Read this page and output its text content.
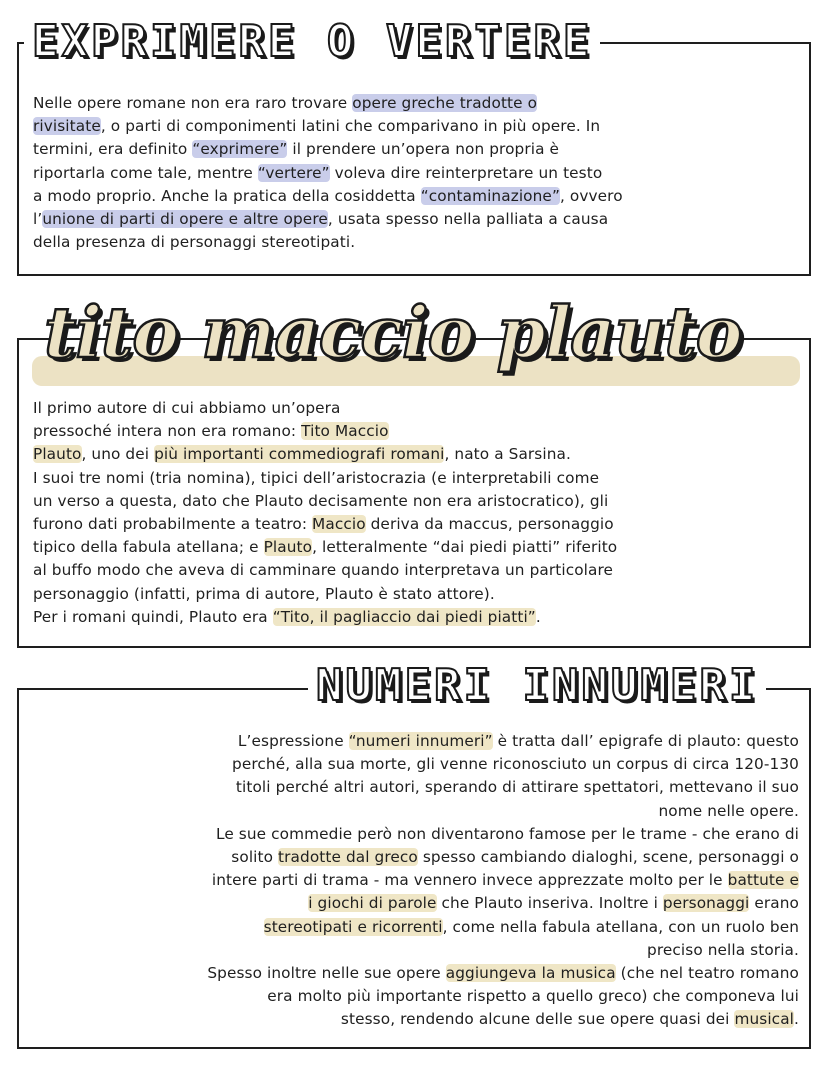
EXPRIMERE O VERTERE
Nelle opere romane non era raro trovare opere greche tradotte o
rivisitate, o parti di componimenti latini che comparivano in più opere. In
termini, era definito “exprimere” il prendere un’opera non propria è
riportarla come tale, mentre “vertere” voleva dire reinterpretare un testo
a modo proprio. Anche la pratica della cosiddetta “contaminazione”, ovvero
l’unione di parti di opere e altre opere, usata spesso nella palliata a causa
della presenza di personaggi stereotipati.
tito maccio plauto
Il primo autore di cui abbiamo un’opera
pressoché intera non era romano: Tito Maccio
Plauto, uno dei più importanti commediografi romani, nato a Sarsina.
I suoi tre nomi (tria nomina), tipici dell’aristocrazia (e interpretabili come
un verso a questa, dato che Plauto decisamente non era aristocratico), gli
furono dati probabilmente a teatro: Maccio deriva da maccus, personaggio
tipico della fabula atellana; e Plauto, letteralmente “dai piedi piatti” riferito
al buffo modo che aveva di camminare quando interpretava un particolare
personaggio (infatti, prima di autore, Plauto è stato attore).
Per i romani quindi, Plauto era “Tito, il pagliaccio dai piedi piatti”.
NUMERI INNUMERI
L’espressione “numeri innumeri” è tratta dall’ epigrafe di plauto: questo
perché, alla sua morte, gli venne riconosciuto un corpus di circa 120-130
titoli perché altri autori, sperando di attirare spettatori, mettevano il suo
nome nelle opere.
Le sue commedie però non diventarono famose per le trame - che erano di
solito tradotte dal greco spesso cambiando dialoghi, scene, personaggi o
intere parti di trama - ma vennero invece apprezzate molto per le battute e
i giochi di parole che Plauto inseriva. Inoltre i personaggi erano
stereotipati e ricorrenti, come nella fabula atellana, con un ruolo ben
preciso nella storia.
Spesso inoltre nelle sue opere aggiungeva la musica (che nel teatro romano
era molto più importante rispetto a quello greco) che componeva lui
stesso, rendendo alcune delle sue opere quasi dei musical.
